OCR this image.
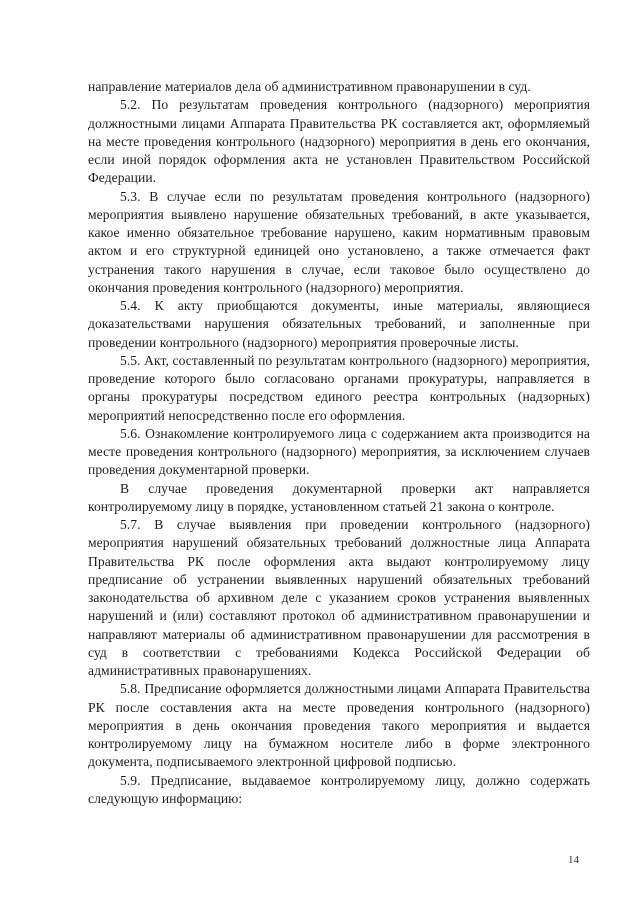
направление материалов дела об административном правонарушении в суд.

5.2. По результатам проведения контрольного (надзорного) мероприятия должностными лицами Аппарата Правительства РК составляется акт, оформляемый на месте проведения контрольного (надзорного) мероприятия в день его окончания, если иной порядок оформления акта не установлен Правительством Российской Федерации.

5.3. В случае если по результатам проведения контрольного (надзорного) мероприятия выявлено нарушение обязательных требований, в акте указывается, какое именно обязательное требование нарушено, каким нормативным правовым актом и его структурной единицей оно установлено, а также отмечается факт устранения такого нарушения в случае, если таковое было осуществлено до окончания проведения контрольного (надзорного) мероприятия.

5.4. К акту приобщаются документы, иные материалы, являющиеся доказательствами нарушения обязательных требований, и заполненные при проведении контрольного (надзорного) мероприятия проверочные листы.

5.5. Акт, составленный по результатам контрольного (надзорного) мероприятия, проведение которого было согласовано органами прокуратуры, направляется в органы прокуратуры посредством единого реестра контрольных (надзорных) мероприятий непосредственно после его оформления.

5.6. Ознакомление контролируемого лица с содержанием акта производится на месте проведения контрольного (надзорного) мероприятия, за исключением случаев проведения документарной проверки.

В случае проведения документарной проверки акт направляется контролируемому лицу в порядке, установленном статьей 21 закона о контроле.

5.7. В случае выявления при проведении контрольного (надзорного) мероприятия нарушений обязательных требований должностные лица Аппарата Правительства РК после оформления акта выдают контролируемому лицу предписание об устранении выявленных нарушений обязательных требований законодательства об архивном деле с указанием сроков устранения выявленных нарушений и (или) составляют протокол об административном правонарушении и направляют материалы об административном правонарушении для рассмотрения в суд в соответствии с требованиями Кодекса Российской Федерации об административных правонарушениях.

5.8. Предписание оформляется должностными лицами Аппарата Правительства РК после составления акта на месте проведения контрольного (надзорного) мероприятия в день окончания проведения такого мероприятия и выдается контролируемому лицу на бумажном носителе либо в форме электронного документа, подписываемого электронной цифровой подписью.

5.9. Предписание, выдаваемое контролируемому лицу, должно содержать следующую информацию:

14
